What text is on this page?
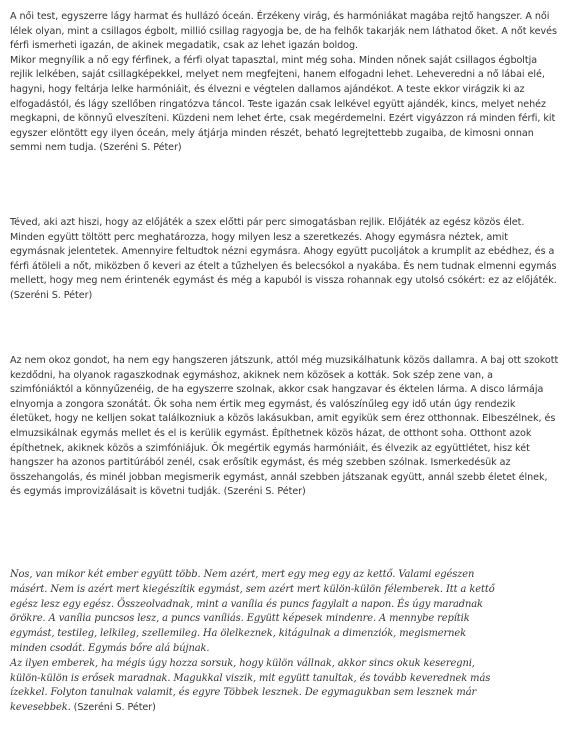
A női test, egyszerre lágy harmat és hullázó óceán. Érzékeny virág, és harmóniákat magába rejtő hangszer. A női
lélek olyan, mint a csillagos égbolt, millió csillag ragyogja be, de ha felhők takarják nem láthatod őket. A nőt kevés
férfi ismerheti igazán, de akinek megadatik, csak az lehet igazán boldog.
Mikor megnyílik a nő egy férfinek, a férfi olyat tapasztal, mint még soha. Minden nőnek saját csillagos égboltja
rejlik lelkében, saját csillagképekkel, melyet nem megfejteni, hanem elfogadni lehet. Leheveredni a nő lábai elé,
hagyni, hogy feltárja lelke harmóniáit, és élvezni e végtelen dallamos ajándékot. A teste ekkor virágzik ki az
elfogadástól, és lágy szellőben ringatózva táncol. Teste igazán csak lelkével együtt ajándék, kincs, melyet nehéz
megkapni, de könnyű elveszíteni. Küzdeni nem lehet érte, csak megérdemelni. Ezért vigyázzon rá minden férfi, kit
egyszer elöntött egy ilyen óceán, mely átjárja minden részét, beható legrejtettebb zugaiba, de kimosni onnan
semmi nem tudja. (Szeréni S. Péter)
Téved, aki azt hiszi, hogy az előjáték a szex előtti pár perc simogatásban rejlik. Előjáték az egész közös élet.
Minden együtt töltött perc meghatározza, hogy milyen lesz a szeretkezés. Ahogy egymásra néztek, amit
egymásnak jelentetek. Amennyire feltudtok nézni egymásra. Ahogy együtt pucoljátok a krumplit az ebédhez, és a
férfi átöleli a nőt, miközben ő keveri az ételt a tűzhelyen és belecsókol a nyakába. És nem tudnak elmenni egymás
mellett, hogy meg nem érintenék egymást és még a kapuból is vissza rohannak egy utolsó csókért: ez az előjáték.
(Szeréni S. Péter)
Az nem okoz gondot, ha nem egy hangszeren játszunk, attól még muzsikálhatunk közös dallamra. A baj ott szokott
kezdődni, ha olyanok ragaszkodnak egymáshoz, akiknek nem közösek a kották. Sok szép zene van, a
szimfóniáktól a könnyűzenéig, de ha egyszerre szolnak, akkor csak hangzavar és éktelen lárma. A disco lármája
elnyomja a zongora szonátát. Ők soha nem értik meg egymást, és valószínűleg egy idő után úgy rendezik
életüket, hogy ne kelljen sokat találkozniuk a közös lakásukban, amit egyikük sem érez otthonnak. Elbeszélnek, és
elmuzsikálnak egymás mellet és el is kerülik egymást. Építhetnek közös házat, de otthont soha. Otthont azok
építhetnek, akiknek közös a szimfóniájuk. Ők megértik egymás harmóniáit, és élvezik az együttlétet, hisz két
hangszer ha azonos partitúrából zenél, csak erősítik egymást, és még szebben szólnak. Ismerkedésük az
összehangolás, és minél jobban megismerik egymást, annál szebben játszanak együtt, annál szebb életet élnek,
és egymás improvizálásait is követni tudják. (Szeréni S. Péter)
Nos, van mikor két ember együtt több. Nem azért, mert egy meg egy az kettő. Valami egészen
másért. Nem is azért mert kiegészítik egymást, sem azért mert külön-külön félemberek. Itt a kettő
egész lesz egy egész. Összeolvadnak, mint a vanília és puncs fagylalt a napon. És úgy maradnak
örökre. A vanília puncsos lesz, a puncs vaníliás. Együtt képesek mindenre. A mennybe repítik
egymást, testileg, lelkileg, szellemileg. Ha ölelkeznek, kitágulnak a dimenziók, megismernek
minden csodát. Egymás bőre alá bújnak.
Az ilyen emberek, ha mégis úgy hozza sorsuk, hogy külön vállnak, akkor sincs okuk keseregni,
külön-külön is erősek maradnak. Magukkal viszik, mit együtt tanultak, és tovább keverednek más
ízekkel. Folyton tanulnak valamit, és egyre Többek lesznek. De egymagukban sem lesznek már
kevesebbek. (Szeréni S. Péter)
